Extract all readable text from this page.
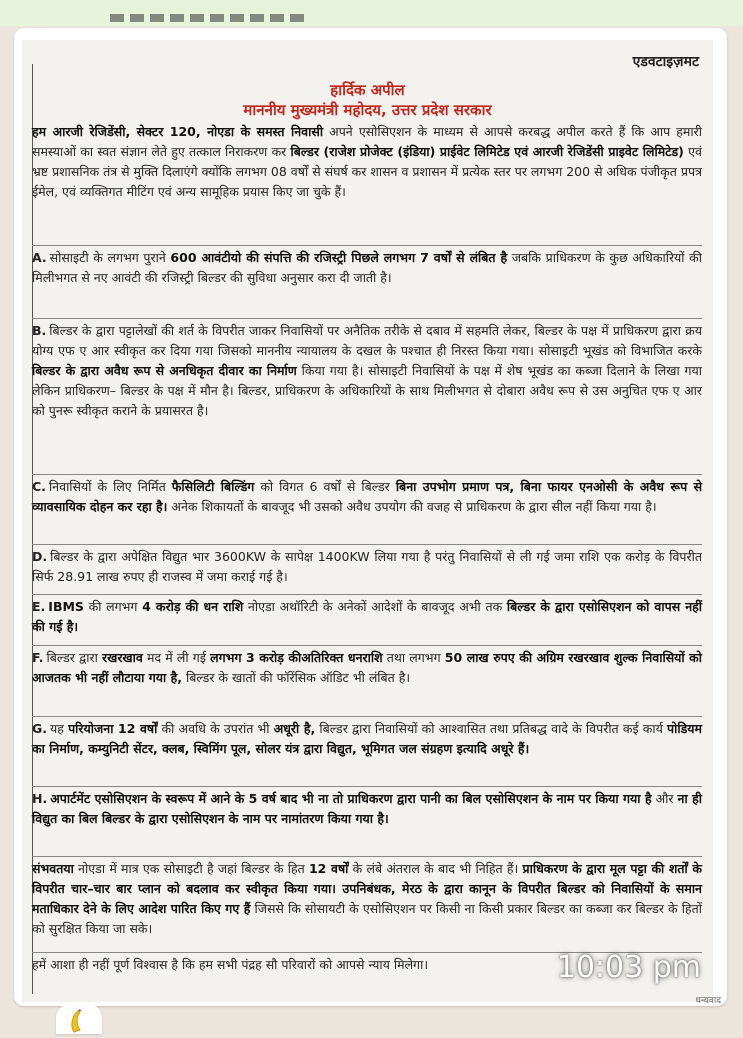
एडवटाइज़मट
हार्दिक अपील
माननीय मुख्यमंत्री महोदय, उत्तर प्रदेश सरकार
हम आरजी रेजिडेंसी, सेक्टर 120, नोएडा के समस्त निवासी अपने एसोसिएशन के माध्यम से आपसे करबद्ध अपील करते हैं कि आप हमारी समस्याओं का स्वत संज्ञान लेते हुए तत्काल निराकरण कर बिल्डर (राजेश प्रोजेक्ट (इंडिया) प्राईवेट लिमिटेड एवं आरजी रेजिडेंसी प्राइवेट लिमिटेड) एवं भ्रष्ट प्रशासनिक तंत्र से मुक्ति दिलाएंगे क्योंकि लगभग 08 वर्षों से संघर्ष कर शासन व प्रशासन में प्रत्येक स्तर पर लगभग 200 से अधिक पंजीकृत प्रपत्र ईमेल, एवं व्यक्तिगत मीटिंग एवं अन्य सामूहिक प्रयास किए जा चुके हैं।
A. सोसाइटी के लगभग पुराने 600 आवंटीयो की संपत्ति की रजिस्ट्री पिछले लगभग 7 वर्षों से लंबित है जबकि प्राधिकरण के कुछ अधिकारियों की मिलीभगत से नए आवंटी की रजिस्ट्री बिल्डर की सुविधा अनुसार करा दी जाती है।
B. बिल्डर के द्वारा पट्टालेखों की शर्त के विपरीत जाकर निवासियों पर अनैतिक तरीके से दबाव में सहमति लेकर, बिल्डर के पक्ष में प्राधिकरण द्वारा क्रय योग्य एफ ए आर स्वीकृत कर दिया गया जिसको माननीय न्यायालय के दखल के पश्चात ही निरस्त किया गया। सोसाइटी भूखंड को विभाजित करके बिल्डर के द्वारा अवैध रूप से अनधिकृत दीवार का निर्माण किया गया है। सोसाइटी निवासियों के पक्ष में शेष भूखंड का कब्जा दिलाने के लिखा गया लेकिन प्राधिकरण– बिल्डर के पक्ष में मौन है। बिल्डर, प्राधिकरण के अधिकारियों के साथ मिलीभगत से दोबारा अवैध रूप से उस अनुचित एफ ए आर को पुनरू स्वीकृत कराने के प्रयासरत है।
C. निवासियों के लिए निर्मित फैसिलिटी बिल्डिंग को विगत 6 वर्षों से बिल्डर बिना उपभोग प्रमाण पत्र, बिना फायर एनओसी के अवैध रूप से व्यावसायिक दोहन कर रहा है। अनेक शिकायतों के बावजूद भी उसको अवैध उपयोग की वजह से प्राधिकरण के द्वारा सील नहीं किया गया है।
D. बिल्डर के द्वारा अपेक्षित विद्युत भार 3600KW के सापेक्ष 1400KW लिया गया है परंतु निवासियों से ली गई जमा राशि एक करोड़ के विपरीत सिर्फ 28.91 लाख रुपए ही राजस्व में जमा कराई गई है।
E. IBMS की लगभग 4 करोड़ की धन राशि नोएडा अथॉरिटी के अनेकों आदेशों के बावजूद अभी तक बिल्डर के द्वारा एसोसिएशन को वापस नहीं की गई है।
F. बिल्डर द्वारा रखरखाव मद में ली गई लगभग 3 करोड़ कीअतिरिक्त धनराशि तथा लगभग 50 लाख रुपए की अग्रिम रखरखाव शुल्क निवासियों को आजतक भी नहीं लौटाया गया है, बिल्डर के खातों की फॉरेंसिक ऑडिट भी लंबित है।
G. यह परियोजना 12 वर्षों की अवधि के उपरांत भी अधूरी है, बिल्डर द्वारा निवासियों को आश्वासित तथा प्रतिबद्ध वादे के विपरीत कई कार्य पोडियम का निर्माण, कम्युनिटी सेंटर, क्लब, स्विमिंग पूल, सोलर यंत्र द्वारा विद्युत, भूमिगत जल संग्रहण इत्यादि अधूरे हैं।
H. अपार्टमेंट एसोसिएशन के स्वरूप में आने के 5 वर्ष बाद भी ना तो प्राधिकरण द्वारा पानी का बिल एसोसिएशन के नाम पर किया गया है और ना ही विद्युत का बिल बिल्डर के द्वारा एसोसिएशन के नाम पर नामांतरण किया गया है।
संभवतया नोएडा में मात्र एक सोसाइटी है जहां बिल्डर के हित 12 वर्षों के लंबे अंतराल के बाद भी निहित हैं। प्राधिकरण के द्वारा मूल पट्टा की शर्तों के विपरीत चार–चार बार प्लान को बदलाव कर स्वीकृत किया गया। उपनिबंधक, मेरठ के द्वारा कानून के विपरीत बिल्डर को निवासियों के समान मताधिकार देने के लिए आदेश पारित किए गए हैं जिससे कि सोसायटी के एसोसिएशन पर किसी ना किसी प्रकार बिल्डर का कब्जा कर बिल्डर के हितों को सुरक्षित किया जा सके।
हमें आशा ही नहीं पूर्ण विश्वास है कि हम सभी पंद्रह सौ परिवारों को आपसे न्याय मिलेगा।	10:03 pm
धन्यवाद
